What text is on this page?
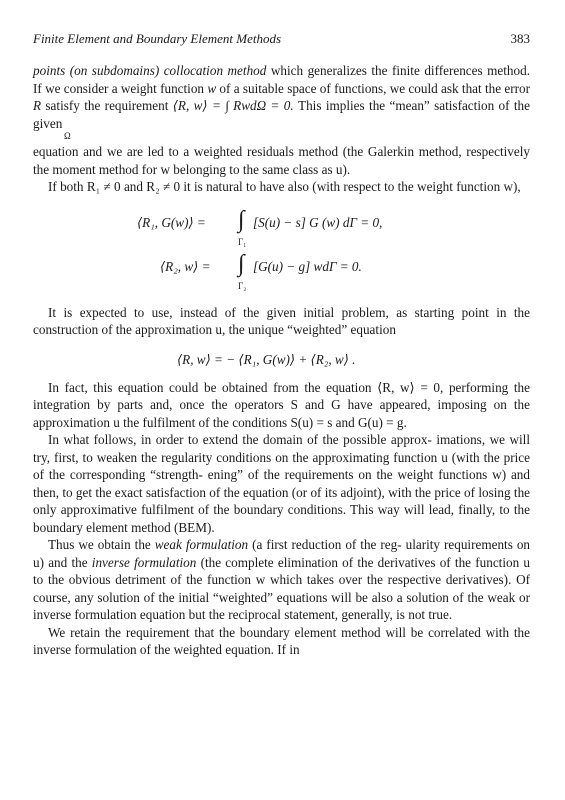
Finite Element and Boundary Element Methods	383

points (on subdomains) collocation method which generalizes the finite differences method. If we consider a weight function w of a suitable space of functions, we could ask that the error R satisfy the requirement ⟨R, w⟩ = ∫ RwdΩ = 0. This implies the “mean” satisfaction of the given

Ω

equation and we are led to a weighted residuals method (the Galerkin method, respectively the moment method for w belonging to the same class as u).

If both R₁ ≠ 0 and R₂ ≠ 0 it is natural to have also (with respect to the weight function w),

⟨R₁, G(w)⟩ = ∫ [S(u) − s] G (w) dΓ = 0,
Γ₁
⟨R₂, w⟩ = ∫ [G(u) − g] wdΓ = 0.
Γ₂

It is expected to use, instead of the given initial problem, as starting point in the construction of the approximation u, the unique “weighted” equation

⟨R, w⟩ = − ⟨R₁, G(w)⟩ + ⟨R₂, w⟩ .

In fact, this equation could be obtained from the equation ⟨R, w⟩ = 0, performing the integration by parts and, once the operators S and G have appeared, imposing on the approximation u the fulfilment of the conditions S(u) = s and G(u) = g.

In what follows, in order to extend the domain of the possible approx- imations, we will try, first, to weaken the regularity conditions on the approximating function u (with the price of the corresponding “strength- ening” of the requirements on the weight functions w) and then, to get the exact satisfaction of the equation (or of its adjoint), with the price of losing the only approximative fulfilment of the boundary conditions. This way will lead, finally, to the boundary element method (BEM).

Thus we obtain the weak formulation (a first reduction of the reg- ularity requirements on u) and the inverse formulation (the complete elimination of the derivatives of the function u to the obvious detriment of the function w which takes over the respective derivatives). Of course, any solution of the initial “weighted” equations will be also a solution of the weak or inverse formulation equation but the reciprocal statement, generally, is not true.

We retain the requirement that the boundary element method will be correlated with the inverse formulation of the weighted equation. If in
